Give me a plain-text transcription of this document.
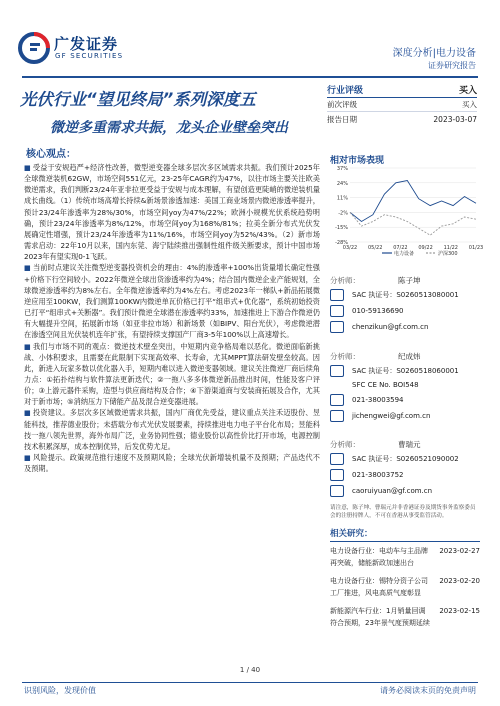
广发证券
GF SECURITIES	深度分析|电力设备
证券研究报告
光伏行业“望见终局”系列深度五
微逆多重需求共振，龙头企业壁垒突出
行业评级	买入
前次评级	买入
报告日期	2023-03-07
相对市场表现
37%
24%
11%
-2%
-15%
-28%
03/22 05/22 07/22 09/22 11/22 01/23
电力设备	沪深300
核心观点：

■ 受益于安规趋严+经济性改善，微型逆变器全球多层次多区域需求共振。我们预计2025年全球微逆装机62GW，市场空间551亿元，23-25年CAGR约为47%，以往市场主要关注欧美微逆需求，我们判断23/24年亚非拉更受益于安规与成本理解，有望创造更陡峭的微逆装机量成长曲线。（1）传统市场高增长持续&新场景渗透加速：美国工商业场景内微逆渗透率提升，预计23/24年渗透率为28%/30%，市场空间yoy为47%/22%；欧洲小规模光伏系统趋势明确，预计23/24年渗透率为8%/12%，市场空间yoy为168%/81%；拉美全新分布式光伏发展确定性增强，预计23/24年渗透率为11%/16%，市场空间yoy为52%/43%。（2）新市场需求启动：22年10月以来，国内东莞、海宁陆续推出强制性组件级关断要求，预计中国市场2023年有望实现0-1飞跃。

■ 当前时点建议关注微型逆变器投资机会的理由：4%的渗透率+100%出货量增长确定性强+价格下行空间较小。2022年微逆全球出货渗透率约为4%；结合国内微逆企业产能规划，全球微逆渗透率约为8%左右。全年微逆渗透率约为4%左右。考虑2023年一梯队+新品拓展微逆应用至100KW，我们测算100KW内微逆单瓦价格已打平“组串式+优化器”，系统初始投资已打平“组串式+关断器”。我们预计微逆全球潜在渗透率约33%，加速推进上下游合作微逆仍有大幅提升空间，拓展新市场（如亚非拉市场）和新场景（如BIPV、阳台光伏），考虑微逆潜在渗透空间且光伏装机连年扩张，有望持续支撑国产厂商3-5年100%以上高速增长。

■ 我们与市场不同的观点：微逆技术壁垒突出，中短期内竞争格局难以恶化。微逆面临新挑战、小体积要求，且需要在此限制下实现高效率、长寿命，尤其MPPT算法研发壁垒较高。因此，新进入玩家多数以优化器入手，短期内难以进入微逆变器领域。建议关注微逆厂商后续角力点：①拓扑结构与软件算法更新迭代；②一拖八多多体微逆新品推出时间，性能及客户评价；③上游元器件采购，造型与供应商结构及合作；④下游渠道商与安装商拓展及合作，尤其对于新市场；⑤消纳压力下储能产品及混合逆变器进展。

■ 投资建议。多层次多区域微逆需求共振，国内厂商优先受益，建议重点关注禾迈股份、昱能科技，推荐德业股份；未搭载分布式光伏发展要素，持续推进电力电子平台化布局；昱能科技一拖八领先世界，海外布局广泛，业务协同性强；德业股份以高性价比打开市场，电源控制技术积累深厚，成本控制优异，后发优势尤足。

■ 风险提示。政策规范推行速度不及预期风险；全球光伏新增装机量不及预期；产品迭代不及预期。

分析师：	陈子坤
SAC 执证号：S0260513080001
010-59136690
chenzikun@gf.com.cn
分析师：	纪成炜
SAC 执证号：S0260518060001
SFC CE No. BOI548
021-38003594
jichengwei@gf.com.cn
分析师：	曹瑞元
SAC 执证号：S0260521090002
021-38003752
caoruiyuan@gf.com.cn
请注意，陈子坤、曹瑞元并非香港证券及期货事务监察委员会的注册持牌人，不可在香港从事受监管活动。
相关研究：
电力设备行业：电动车与主品牌再突破，储能新政加速出台
2023-02-27
电力设备行业：锡特分资子公司工厂推进，风电高质气度彰显
2023-02-20
新能源汽车行业：1月销量回调符合预期，23年景气度预期延续
2023-02-15
1 / 40
识别风险，发现价值	请务必阅读末页的免责声明
